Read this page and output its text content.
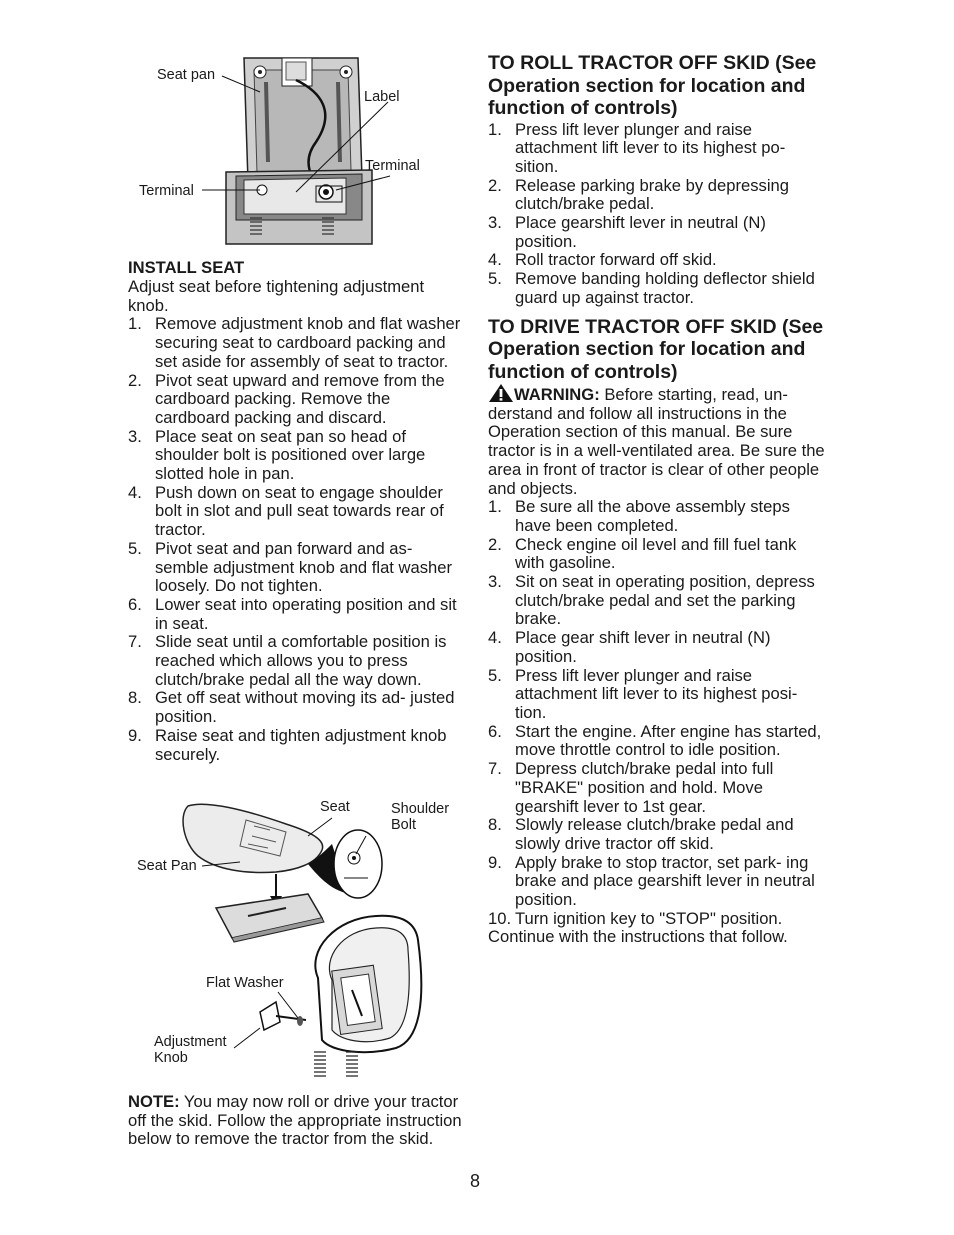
Seat pan
Label
Terminal
Terminal
INSTALL SEAT

Adjust seat before tightening adjustment knob.

1. Remove adjustment knob and flat washer securing seat to cardboard packing and set aside for assembly of seat to tractor.
2. Pivot seat upward and remove from the cardboard packing. Remove the cardboard packing and discard.
3. Place seat on seat pan so head of shoulder bolt is positioned over large slotted hole in pan.
4. Push down on seat to engage shoulder bolt in slot and pull seat towards rear of tractor.
5. Pivot seat and pan forward and as- semble adjustment knob and flat washer loosely. Do not tighten.
6. Lower seat into operating position and sit in seat.
7. Slide seat until a comfortable position is reached which allows you to press clutch/brake pedal all the way down.
8. Get off seat without moving its ad- justed position.
9. Raise seat and tighten adjustment knob securely.
Seat	Shoulder Bolt
Seat Pan
Flat Washer
Adjustment Knob

NOTE: You may now roll or drive your tractor off the skid. Follow the appropriate instruction below to remove the tractor from the skid.

TO ROLL TRACTOR OFF SKID (See Operation section for location and function of controls)
1. Press lift lever plunger and raise attachment lift lever to its highest po- sition.
2. Release parking brake by depressing clutch/brake pedal.
3. Place gearshift lever in neutral (N) position.
4. Roll tractor forward off skid.
5. Remove banding holding deflector shield guard up against tractor.
TO DRIVE TRACTOR OFF SKID (See Operation section for location and function of controls)

WARNING: Before starting, read, un- derstand and follow all instructions in the Operation section of this manual. Be sure tractor is in a well-ventilated area. Be sure the area in front of tractor is clear of other people and objects.

1. Be sure all the above assembly steps have been completed.
2. Check engine oil level and fill fuel tank with gasoline.
3. Sit on seat in operating position, depress clutch/brake pedal and set the parking brake.
4. Place gear shift lever in neutral (N) position.
5. Press lift lever plunger and raise attachment lift lever to its highest posi- tion.
6. Start the engine. After engine has started, move throttle control to idle position.
7. Depress clutch/brake pedal into full "BRAKE" position and hold. Move gearshift lever to 1st gear.
8. Slowly release clutch/brake pedal and slowly drive tractor off skid.
9. Apply brake to stop tractor, set park- ing brake and place gearshift lever in neutral position.
10. Turn ignition key to "STOP" position.

Continue with the instructions that follow.

8
